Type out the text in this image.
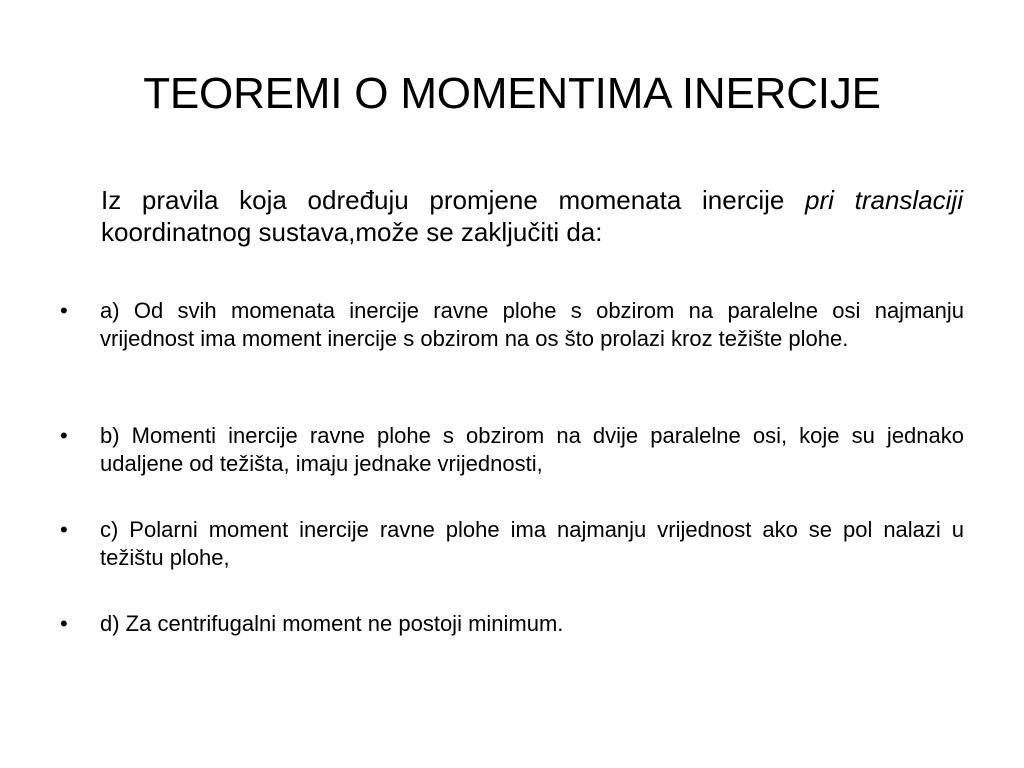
TEOREMI O MOMENTIMA INERCIJE

Iz pravila koja određuju promjene momenata inercije pri translaciji koordinatnog sustava,može se zaključiti da:

•	a) Od svih momenata inercije ravne plohe s obzirom na paralelne osi najmanju vrijednost ima moment inercije s obzirom na os što prolazi kroz težište plohe.
•	b) Momenti inercije ravne plohe s obzirom na dvije paralelne osi, koje su jednako udaljene od težišta, imaju jednake vrijednosti,
•	c) Polarni moment inercije ravne plohe ima najmanju vrijednost ako se pol nalazi u težištu plohe,
•	d) Za centrifugalni moment ne postoji minimum.
